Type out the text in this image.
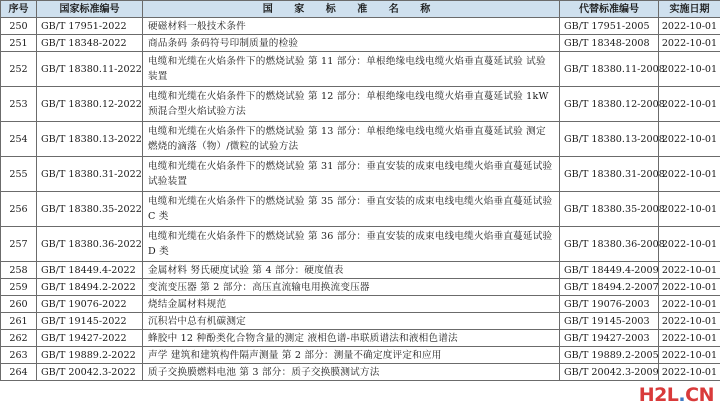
序号	国家标准编号	国 家 标 准 名 称	代替标准编号	实施日期
250	GB/T 17951-2022	硬磁材料一般技术条件	GB/T 17951-2005	2022-10-01
251	GB/T 18348-2022	商品条码 条码符号印制质量的检验	GB/T 18348-2008	2022-10-01
252	GB/T 18380.11-2022	电缆和光缆在火焰条件下的燃烧试验 第 11 部分：单根绝缘电线电缆火焰垂直蔓延试验 试验装置	GB/T 18380.11-2008	2022-10-01
253	GB/T 18380.12-2022	电缆和光缆在火焰条件下的燃烧试验 第 12 部分：单根绝缘电线电缆火焰垂直蔓延试验 1kW 预混合型火焰试验方法	GB/T 18380.12-2008	2022-10-01
254	GB/T 18380.13-2022	电缆和光缆在火焰条件下的燃烧试验 第 13 部分：单根绝缘电线电缆火焰垂直蔓延试验 测定燃烧的滴落（物）/微粒的试验方法	GB/T 18380.13-2008	2022-10-01
255	GB/T 18380.31-2022	电缆和光缆在火焰条件下的燃烧试验 第 31 部分：垂直安装的成束电线电缆火焰垂直蔓延试验 试验装置	GB/T 18380.31-2008	2022-10-01
256	GB/T 18380.35-2022	电缆和光缆在火焰条件下的燃烧试验 第 35 部分：垂直安装的成束电线电缆火焰垂直蔓延试验 C 类	GB/T 18380.35-2008	2022-10-01
257	GB/T 18380.36-2022	电缆和光缆在火焰条件下的燃烧试验 第 36 部分：垂直安装的成束电线电缆火焰垂直蔓延试验 D 类	GB/T 18380.36-2008	2022-10-01
258	GB/T 18449.4-2022	金属材料 努氏硬度试验 第 4 部分：硬度值表	GB/T 18449.4-2009	2022-10-01
259	GB/T 18494.2-2022	变流变压器 第 2 部分：高压直流输电用换流变压器	GB/T 18494.2-2007	2022-10-01
260	GB/T 19076-2022	烧结金属材料规范	GB/T 19076-2003	2022-10-01
261	GB/T 19145-2022	沉积岩中总有机碳测定	GB/T 19145-2003	2022-10-01
262	GB/T 19427-2022	蜂胶中 12 种酚类化合物含量的测定 液相色谱-串联质谱法和液相色谱法	GB/T 19427-2003	2022-10-01
263	GB/T 19889.2-2022	声学 建筑和建筑构件隔声测量 第 2 部分：测量不确定度评定和应用	GB/T 19889.2-2005	2022-10-01
264	GB/T 20042.3-2022	质子交换膜燃料电池 第 3 部分：质子交换膜测试方法	GB/T 20042.3-2009	2022-10-01
H2L.CN
